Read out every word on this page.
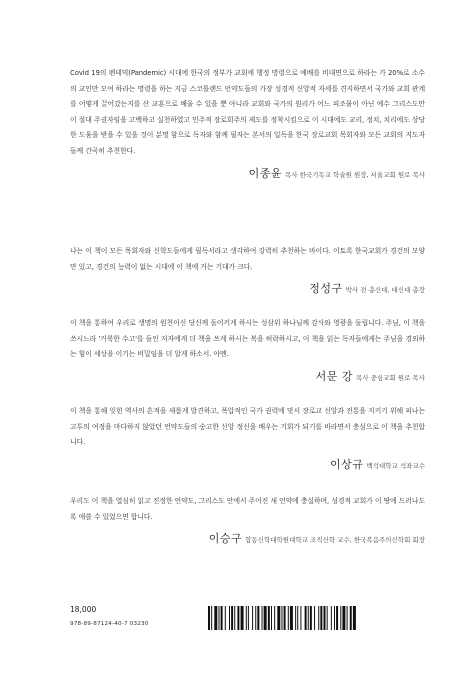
Covid 19의 펜데믹(Pandemic) 시대에 한국의 정부가 교회에 행정 명령으로 예배를 비대면으로 하라는 가 20%로 소수의 교인만 모여 하라는 명령을 하는 지금 스코틀랜드 언약도들의 가장 성경적 신앙적 자세를 견지하면서 국가와 교회 관계를 어떻게 끌어갔는지를 산 교훈으로 배울 수 있을 뿐 아니라 교회와 국가의 원리가 어느 피조물이 아닌 예수 그리스도만이 절대 주권자임을 고백하고 실천하였고 민주적 장로회주의 제도를 정착시킴으로 이 시대에도 교리, 정치, 치리에도 상당한 도움을 받을 수 있을 것이 분명 함으로 독자와 함께 필자는 본서의 일독을 한국 장로교회 목회자와 모든 교회의 지도자들께 간곡히 추천한다.

이종윤 목사 한국기독교 학술원 원장, 서울교회 원로 목사

나는 이 책이 모든 목회자와 신학도들에게 필독서라고 생각하여 강력히 추천하는 바이다. 이토록 한국교회가 경건의 모양만 있고, 경건의 능력이 없는 시대에 이 책에 거는 기대가 크다.

정성구 박사 전 총신대, 대신대 총장

이 책을 통하여 우리로 생명의 원천이신 당신께 돌이키게 하시는 성삼위 하나님께 감사와 영광을 돌립니다. 주님, 이 책을 쓰시느라 '거룩한 수고'를 들인 저자에게 더 책을 쓰게 하시는 복을 허락하시고, 이 책을 읽는 독자들에게는 주님을 경외하는 힘이 세상을 이기는 비밀임을 더 알게 하소서. 아멘.

서문 강 목사 중심교회 원로 목사

이 책을 통해 잊힌 역사의 흔적을 새롭게 발견하고, 폭압적인 국가 권력에 맞서 장로교 신앙과 전통을 지키기 위해 피나는 고투의 여정을 마다하지 않았던 언약도들의 숭고한 신앙 정신을 배우는 기회가 되기를 바라면서 충심으로 이 책을 추천합니다.

이상규 백석대학교 석좌교수

우리도 이 책을 열심히 읽고 진정한 언약도, 그리스도 안에서 주어진 새 언약에 충실하며, 성경적 교회가 이 땅에 드러나도록 애쓸 수 있었으면 합니다.

이승구 합동신학대학원대학교 조직신학 교수, 한국복음주의신학회 회장
18,000
978-89-87124-40-7 03230
